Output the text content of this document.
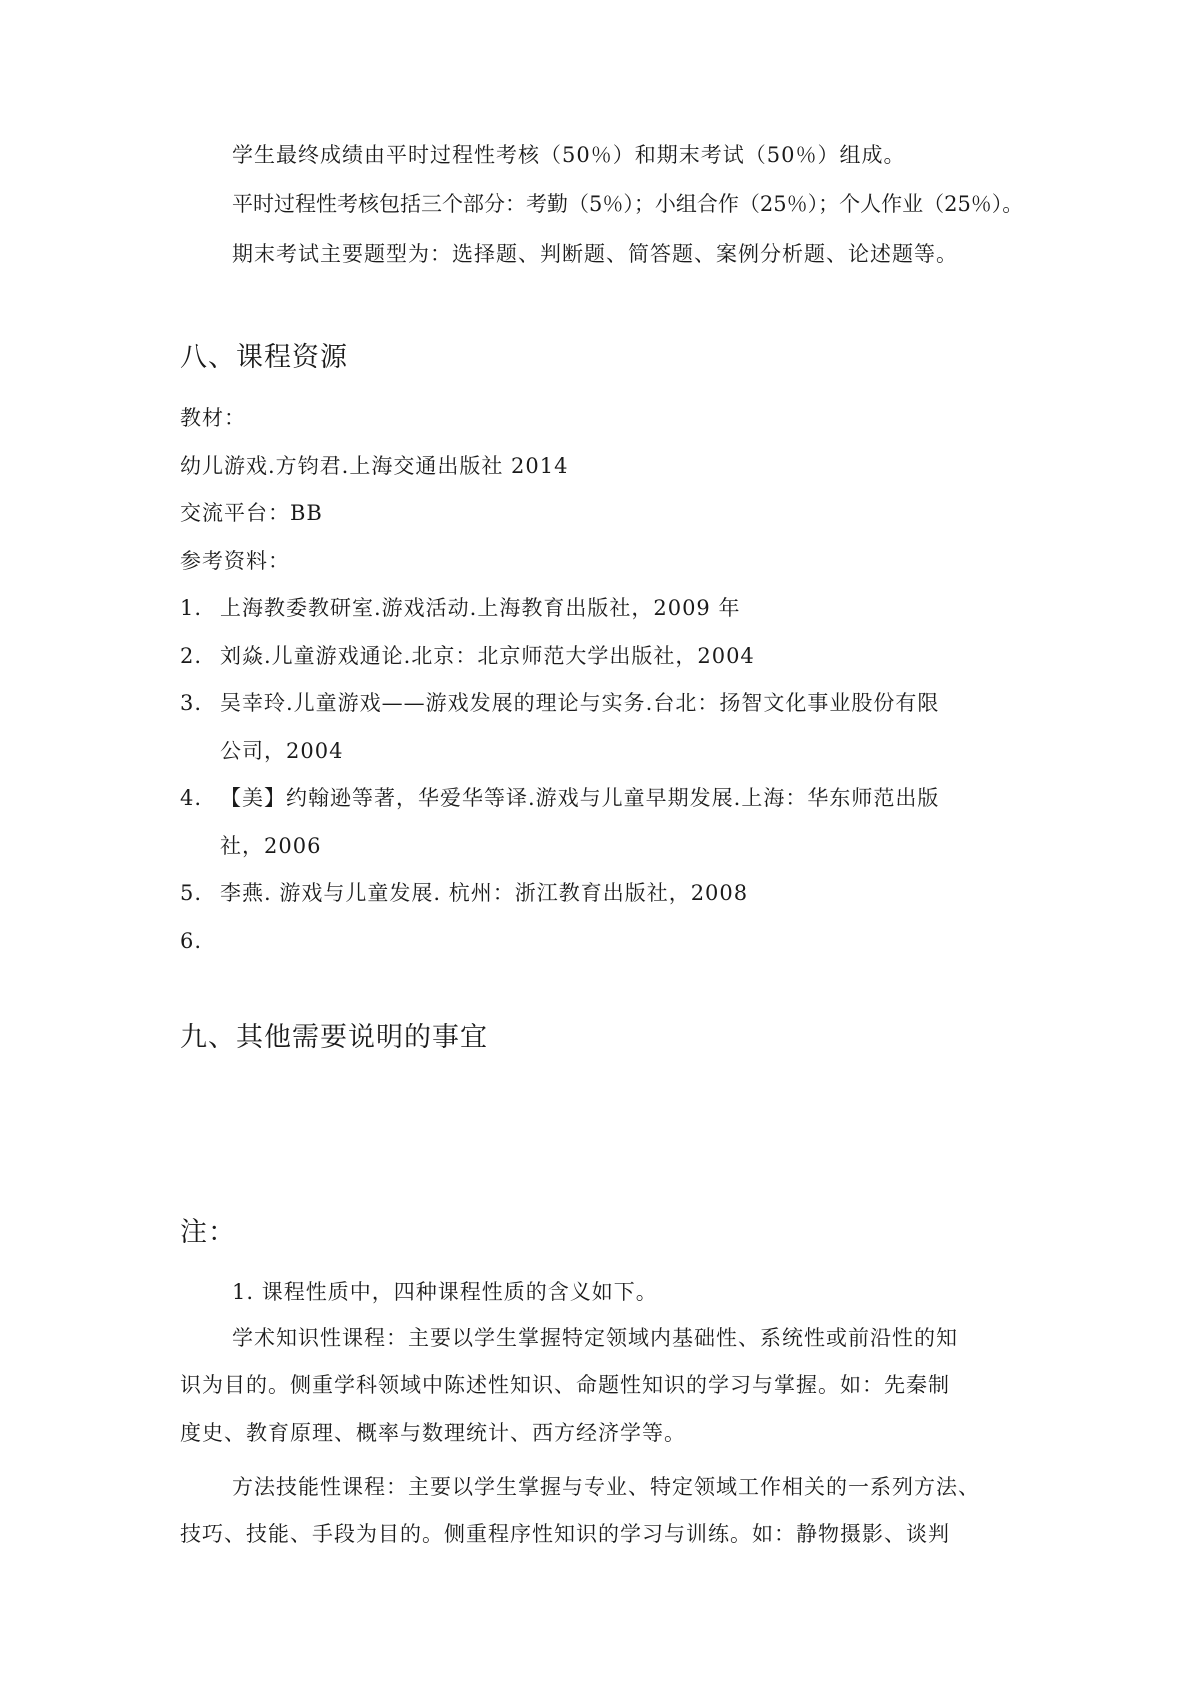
学生最终成绩由平时过程性考核（50％）和期末考试（50％）组成。
平时过程性考核包括三个部分：考勤（5％）；小组合作（25％）；个人作业（25％）。
期末考试主要题型为：选择题、判断题、简答题、案例分析题、论述题等。
八、课程资源
教材：
幼儿游戏.方钧君.上海交通出版社 2014
交流平台：BB
参考资料：
1. 上海教委教研室.游戏活动.上海教育出版社，2009 年
2. 刘焱.儿童游戏通论.北京：北京师范大学出版社，2004
3. 吴幸玲.儿童游戏——游戏发展的理论与实务.台北：扬智文化事业股份有限
公司，2004
4. 【美】约翰逊等著，华爱华等译.游戏与儿童早期发展.上海：华东师范出版
社，2006
5. 李燕. 游戏与儿童发展. 杭州：浙江教育出版社，2008
6.
九、其他需要说明的事宜
注：
1. 课程性质中，四种课程性质的含义如下。
学术知识性课程：主要以学生掌握特定领域内基础性、系统性或前沿性的知
识为目的。侧重学科领域中陈述性知识、命题性知识的学习与掌握。如：先秦制
度史、教育原理、概率与数理统计、西方经济学等。
方法技能性课程：主要以学生掌握与专业、特定领域工作相关的一系列方法、
技巧、技能、手段为目的。侧重程序性知识的学习与训练。如：静物摄影、谈判
